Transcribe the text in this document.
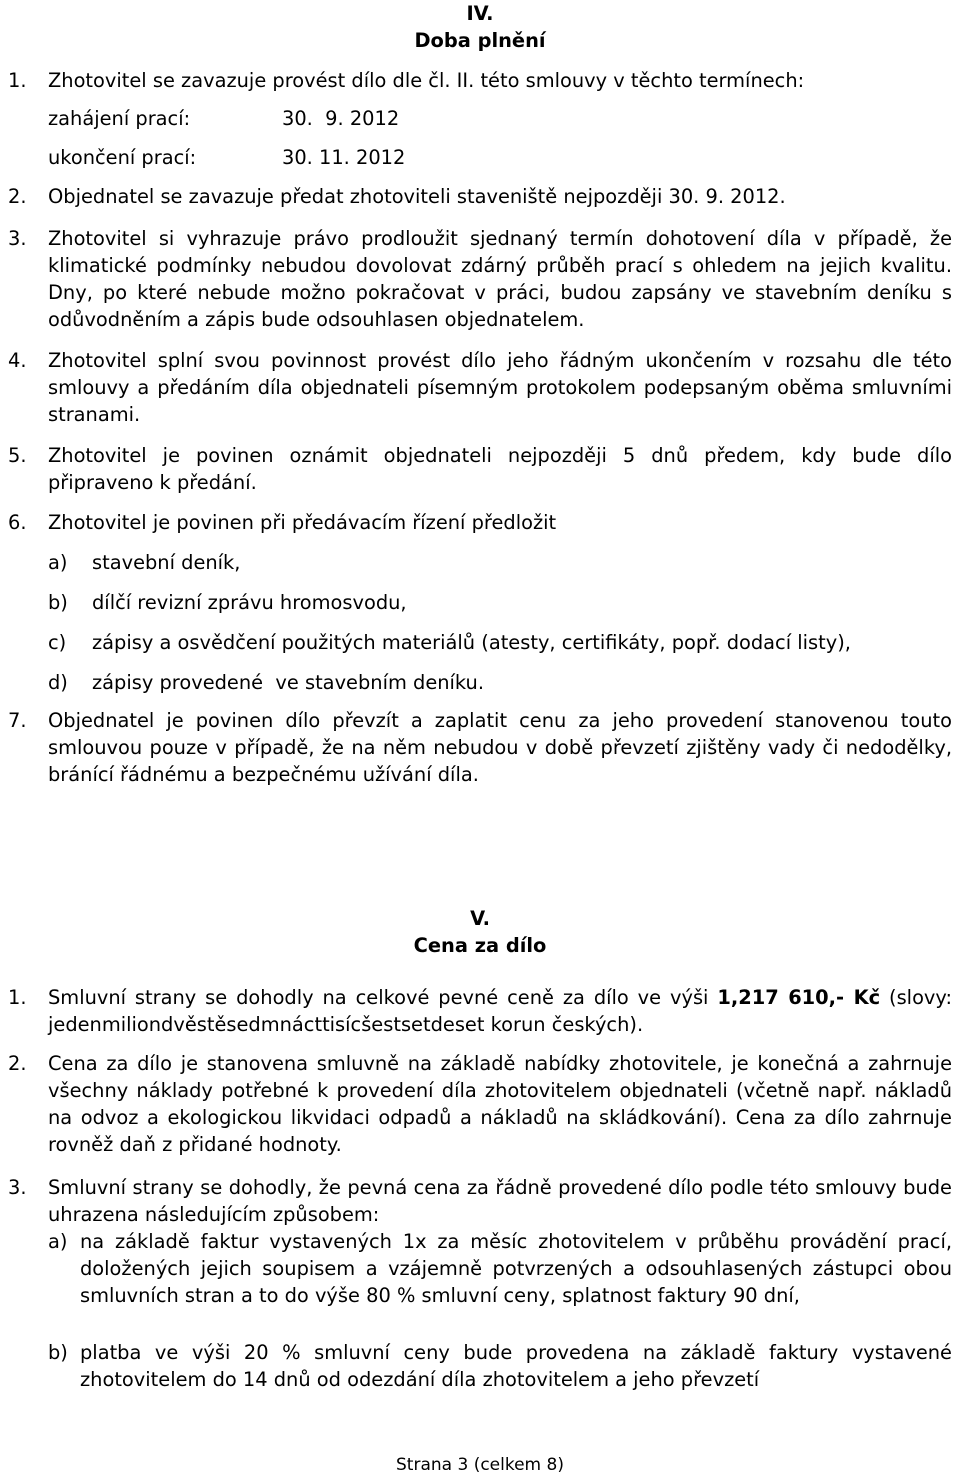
IV.
Doba plnění
1.	Zhotovitel se zavazuje provést dílo dle čl. II. této smlouvy v těchto termínech:
zahájení prací:	30.  9. 2012
ukončení prací:	30. 11. 2012
2.	Objednatel se zavazuje předat zhotoviteli staveniště nejpozději 30. 9. 2012.
3.	Zhotovitel si vyhrazuje právo prodloužit sjednaný termín dohotovení díla v případě, že klimatické podmínky nebudou dovolovat zdárný průběh prací s ohledem na jejich kvalitu. Dny, po které nebude možno pokračovat v práci, budou zapsány ve stavebním deníku s odůvodněním a zápis bude odsouhlasen objednatelem.
4.	Zhotovitel splní svou povinnost provést dílo jeho řádným ukončením v rozsahu dle této smlouvy a předáním díla objednateli písemným protokolem podepsaným oběma smluvními stranami.
5.	Zhotovitel je povinen oznámit objednateli nejpozději 5 dnů předem, kdy bude dílo připraveno k předání.
6.	Zhotovitel je povinen při předávacím řízení předložit
a) stavební deník,
b) dílčí revizní zprávu hromosvodu,
c) zápisy a osvědčení použitých materiálů (atesty, certifikáty, popř. dodací listy),
d) zápisy provedené  ve stavebním deníku.
7.	Objednatel je povinen dílo převzít a zaplatit cenu za jeho provedení stanovenou touto smlouvou pouze v případě, že na něm nebudou v době převzetí zjištěny vady či nedodělky, bránící řádnému a bezpečnému užívání díla.
V.
Cena za dílo
1.	Smluvní strany se dohodly na celkové pevné ceně za dílo ve výši 1,217 610,- Kč (slovy: jedenmiliondvěstěsedmnácttisícšestsetdeset korun českých).
2.	Cena za dílo je stanovena smluvně na základě nabídky zhotovitele, je konečná a zahrnuje všechny náklady potřebné k provedení díla zhotovitelem objednateli (včetně např. nákladů na odvoz a ekologickou likvidaci odpadů a nákladů na skládkování). Cena za dílo zahrnuje rovněž daň z přidané hodnoty.
3.	Smluvní strany se dohodly, že pevná cena za řádně provedené dílo podle této smlouvy bude uhrazena následujícím způsobem:
a) na základě faktur vystavených 1x za měsíc zhotovitelem v průběhu provádění prací, doložených jejich soupisem a vzájemně potvrzených a odsouhlasených zástupci obou smluvních stran a to do výše 80 % smluvní ceny, splatnost faktury 90 dní,
b) platba ve výši 20 % smluvní ceny bude provedena na základě faktury vystavené zhotovitelem do 14 dnů od odezdání díla zhotovitelem a jeho převzetí
Strana 3 (celkem 8)
